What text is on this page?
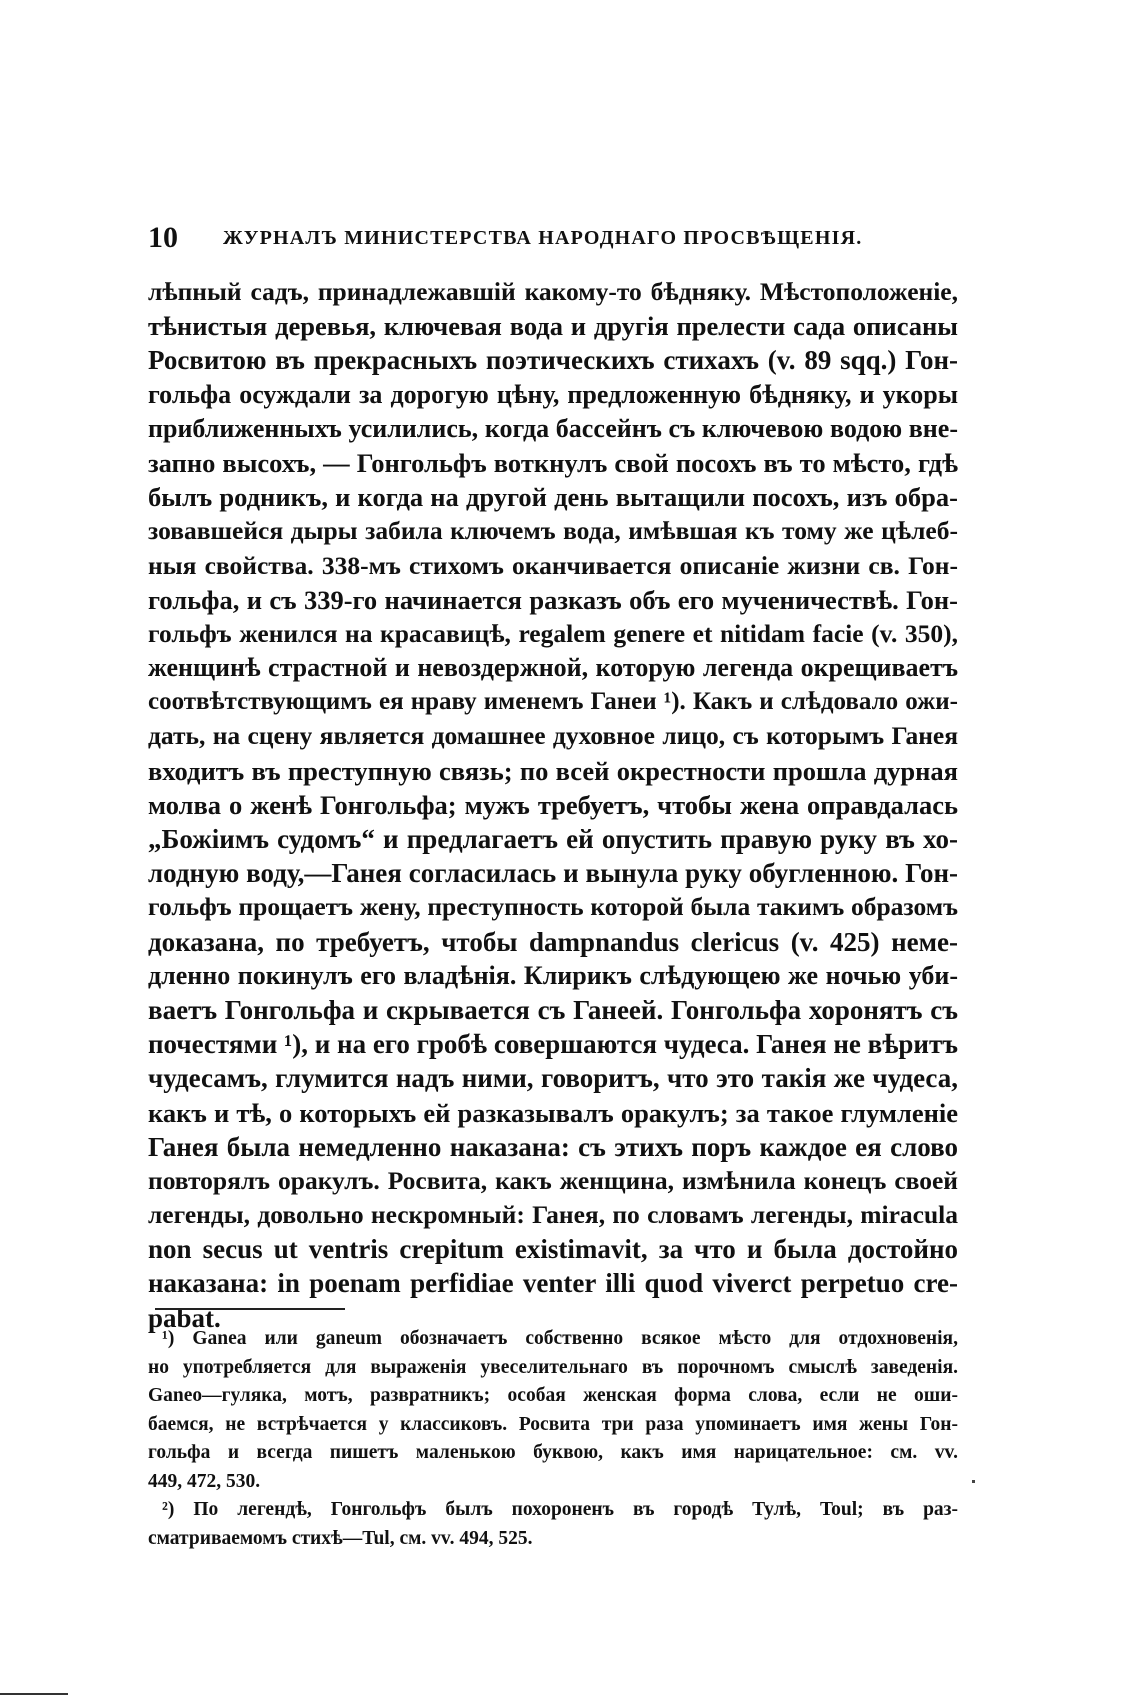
10 ЖУРНАЛЪ МИНИСТЕРСТВА НАРОДНАГО ПРОСВѢЩЕНІЯ.
лѣпный садъ, принадлежавшій какому-то бѣдняку. Мѣстоположеніе,
тѣнистыя деревья, ключевая вода и другія прелести сада описаны
Росвитою въ прекрасныхъ поэтическихъ стихахъ (v. 89 sqq.) Гон-
гольфа осуждали за дорогую цѣну, предложенную бѣдняку, и укоры
приближенныхъ усилились, когда бассейнъ съ ключевою водою вне-
запно высохъ, — Гонгольфъ воткнулъ свой посохъ въ то мѣсто, гдѣ
былъ родникъ, и когда на другой день вытащили посохъ, изъ обра-
зовавшейся дыры забила ключемъ вода, имѣвшая къ тому же цѣлеб-
ныя свойства. 338-мъ стихомъ оканчивается описаніе жизни св. Гон-
гольфа, и съ 339-го начинается разказъ объ его мученичествѣ. Гон-
гольфъ женился на красавицѣ, regalem genere et nitidam facie (v. 350),
женщинѣ страстной и невоздержной, которую легенда окрещиваетъ
соотвѣтствующимъ ея нраву именемъ Ганеи ¹). Какъ и слѣдовало ожи-
дать, на сцену является домашнее духовное лицо, съ которымъ Ганея
входитъ въ преступную связь; по всей окрестности прошла дурная
молва о женѣ Гонгольфа; мужъ требуетъ, чтобы жена оправдалась
„Божіимъ судомъ“ и предлагаетъ ей опустить правую руку въ хо-
лодную воду,—Ганея согласилась и вынула руку обугленною. Гон-
гольфъ прощаетъ жену, преступность которой была такимъ образомъ
доказана, по требуетъ, чтобы dampnandus clericus (v. 425) неме-
дленно покинулъ его владѣнія. Клирикъ слѣдующею же ночью уби-
ваетъ Гонгольфа и скрывается съ Ганеей. Гонгольфа хоронятъ съ
почестями ¹), и на его гробѣ совершаются чудеса. Ганея не вѣритъ
чудесамъ, глумится надъ ними, говоритъ, что это такія же чудеса,
какъ и тѣ, о которыхъ ей разказывалъ оракулъ; за такое глумленіе
Ганея была немедленно наказана: съ этихъ поръ каждое ея слово
повторялъ оракулъ. Росвита, какъ женщина, измѣнила конецъ своей
легенды, довольно нескромный: Ганея, по словамъ легенды, miracula
non secus ut ventris crepitum existimavit, за что и была достойно
наказана: in poenam perfidiae venter illi quod viverct perpetuo cre-
pabat.
¹) Ganea или ganeum обозначаетъ собственно всякое мѣсто для отдохновенія,
но употребляется для выраженія увеселительнаго въ порочномъ смыслѣ заведенія.
Ganeo—гуляка, мотъ, развратникъ; особая женская форма слова, если не оши-
баемся, не встрѣчается у классиковъ. Росвита три раза упоминаетъ имя жены Гон-
гольфа и всегда пишетъ маленькою буквою, какъ имя нарицательное: см. vv.
449, 472, 530.
²) По легендѣ, Гонгольфъ былъ похороненъ въ городѣ Тулѣ, Toul; въ раз-
сматриваемомъ стихѣ—Tul, см. vv. 494, 525.
